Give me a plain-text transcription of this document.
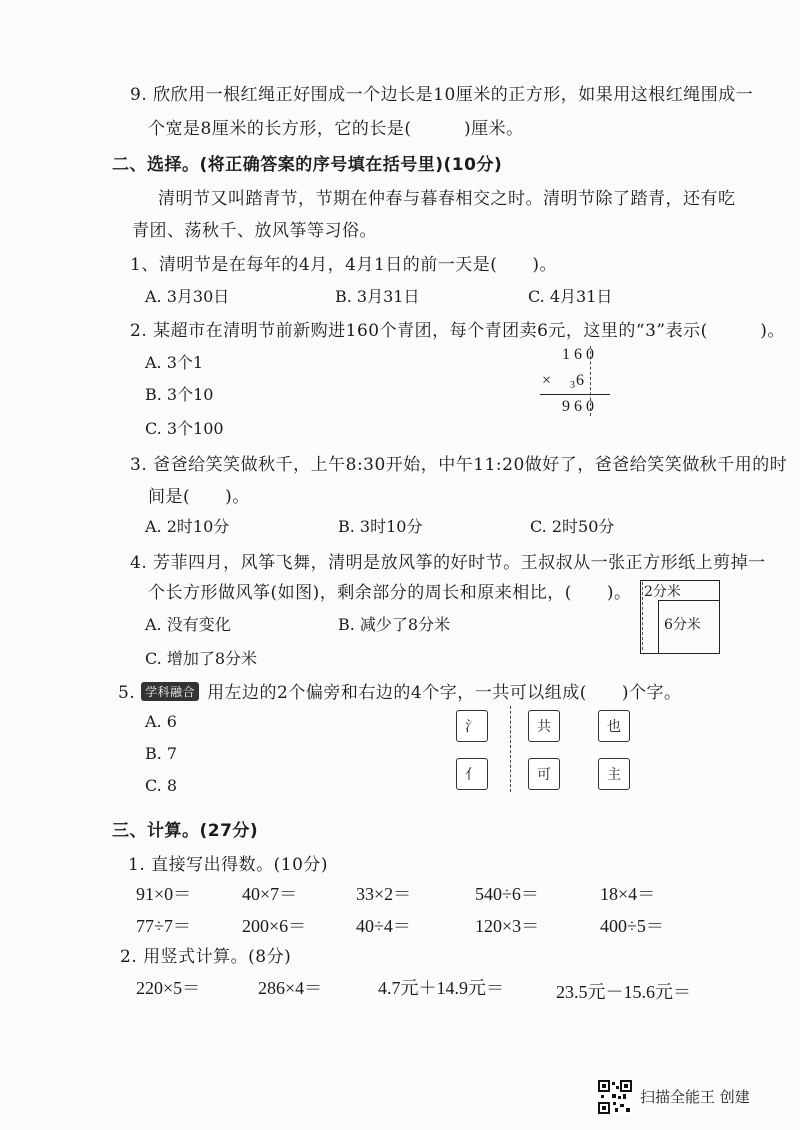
9. 欣欣用一根红绳正好围成一个边长是10厘米的正方形，如果用这根红绳围成一
个宽是8厘米的长方形，它的长是(　　　)厘米。
二、选择。(将正确答案的序号填在括号里)(10分)
清明节又叫踏青节，节期在仲春与暮春相交之时。清明节除了踏青，还有吃
青团、荡秋千、放风筝等习俗。
1、清明节是在每年的4月，4月1日的前一天是(　　)。
A. 3月30日	B. 3月31日	C. 4月31日
2. 某超市在清明节前新购进160个青团，每个青团卖6元，这里的“3”表示(　　　)。
A. 3个1
B. 3个10
C. 3个100
160
× 3 6
960
3. 爸爸给笑笑做秋千，上午8:30开始，中午11:20做好了，爸爸给笑笑做秋千用的时
间是(　　)。
A. 2时10分	B. 3时10分	C. 2时50分
4. 芳菲四月，风筝飞舞，清明是放风筝的好时节。王叔叔从一张正方形纸上剪掉一
个长方形做风筝(如图)，剩余部分的周长和原来相比，(　　)。
A. 没有变化	B. 减少了8分米
C. 增加了8分米
2分米
6分米
5. 学科融合 用左边的2个偏旁和右边的4个字，一共可以组成(　　)个字。
A. 6
B. 7
C. 8
氵
亻
共	也
可	主
三、计算。(27分)
1. 直接写出得数。(10分)
91×0＝	40×7＝	33×2＝	540÷6＝	18×4＝
77÷7＝	200×6＝	40÷4＝	120×3＝	400÷5＝
2. 用竖式计算。(8分)
220×5＝	286×4＝	4.7元＋14.9元＝	23.5元－15.6元＝
扫描全能王 创建
